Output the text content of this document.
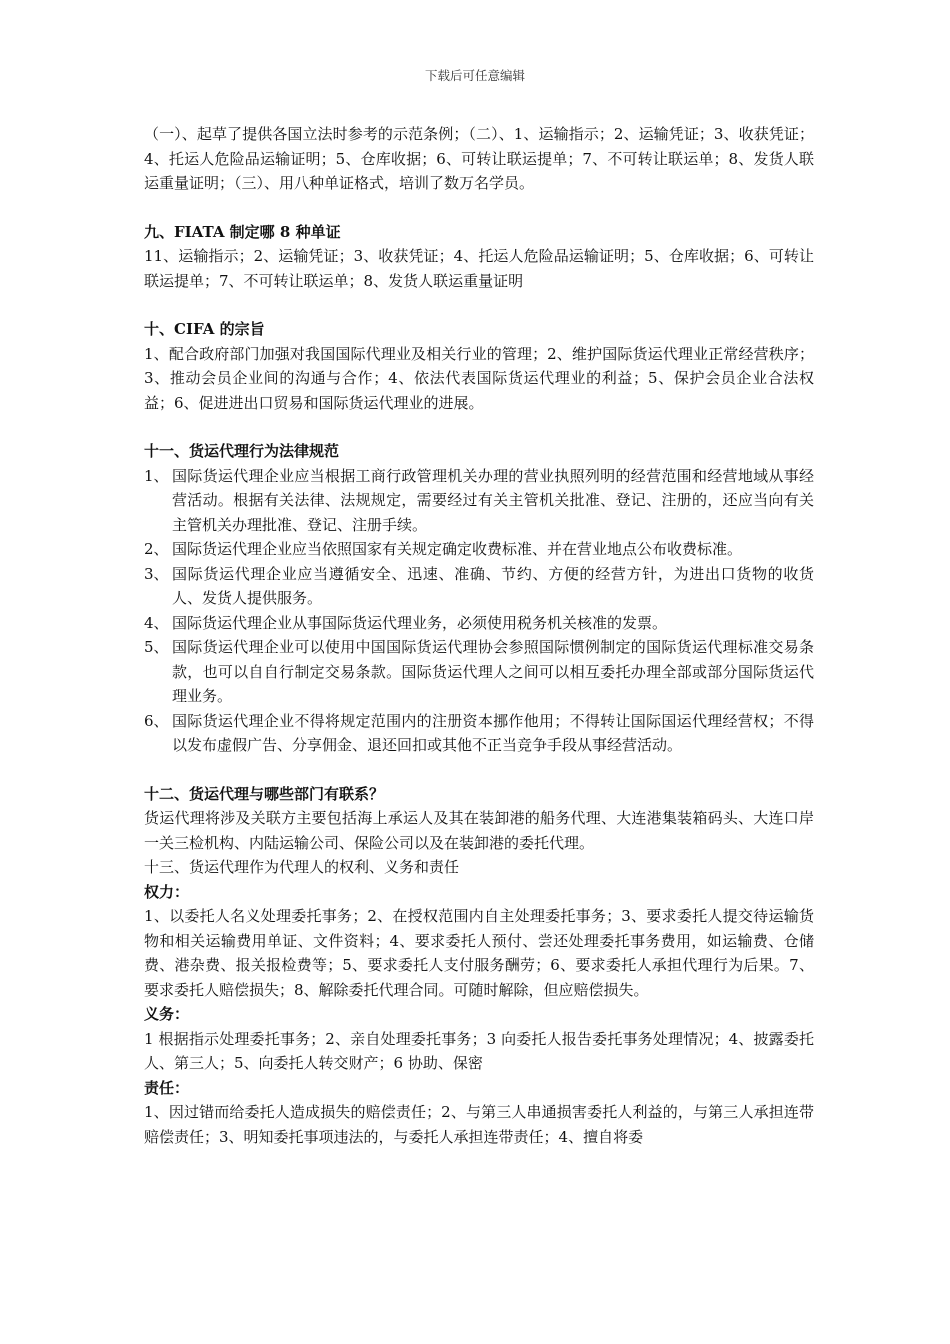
下载后可任意编辑

（一）、起草了提供各国立法时参考的示范条例；（二）、1、运输指示；2、运输凭证；3、收获凭证；4、托运人危险品运输证明；5、仓库收据；6、可转让联运提单；7、不可转让联运单；8、发货人联运重量证明；（三）、用八种单证格式，培训了数万名学员。

九、FIATA 制定哪 8 种单证

11、运输指示；2、运输凭证；3、收获凭证；4、托运人危险品运输证明；5、仓库收据；6、可转让联运提单；7、不可转让联运单；8、发货人联运重量证明

十、CIFA 的宗旨

1、配合政府部门加强对我国国际代理业及相关行业的管理；2、维护国际货运代理业正常经营秩序；3、推动会员企业间的沟通与合作；4、依法代表国际货运代理业的利益；5、保护会员企业合法权益；6、促进进出口贸易和国际货运代理业的进展。

十一、货运代理行为法律规范

1、 国际货运代理企业应当根据工商行政管理机关办理的营业执照列明的经营范围和经营地域从事经营活动。根据有关法律、法规规定，需要经过有关主管机关批准、登记、注册的，还应当向有关主管机关办理批准、登记、注册手续。
2、 国际货运代理企业应当依照国家有关规定确定收费标准、并在营业地点公布收费标准。
3、 国际货运代理企业应当遵循安全、迅速、准确、节约、方便的经营方针，为进出口货物的收货人、发货人提供服务。
4、 国际货运代理企业从事国际货运代理业务，必须使用税务机关核准的发票。
5、 国际货运代理企业可以使用中国国际货运代理协会参照国际惯例制定的国际货运代理标准交易条款，也可以自自行制定交易条款。国际货运代理人之间可以相互委托办理全部或部分国际货运代理业务。
6、 国际货运代理企业不得将规定范围内的注册资本挪作他用；不得转让国际国运代理经营权；不得以发布虚假广告、分享佣金、退还回扣或其他不正当竞争手段从事经营活动。

十二、货运代理与哪些部门有联系？

货运代理将涉及关联方主要包括海上承运人及其在装卸港的船务代理、大连港集装箱码头、大连口岸一关三检机构、内陆运输公司、保险公司以及在装卸港的委托代理。

十三、货运代理作为代理人的权利、义务和责任

权力：

1、以委托人名义处理委托事务；2、在授权范围内自主处理委托事务；3、要求委托人提交待运输货物和相关运输费用单证、文件资料；4、要求委托人预付、尝还处理委托事务费用，如运输费、仓储费、港杂费、报关报检费等；5、要求委托人支付服务酬劳；6、要求委托人承担代理行为后果。7、要求委托人赔偿损失；8、解除委托代理合同。可随时解除，但应赔偿损失。

义务：

1 根据指示处理委托事务；2、亲自处理委托事务；3 向委托人报告委托事务处理情况；4、披露委托人、第三人；5、向委托人转交财产；6 协助、保密

责任：

1、因过错而给委托人造成损失的赔偿责任；2、与第三人串通损害委托人利益的，与第三人承担连带赔偿责任；3、明知委托事项违法的，与委托人承担连带责任；4、擅自将委
